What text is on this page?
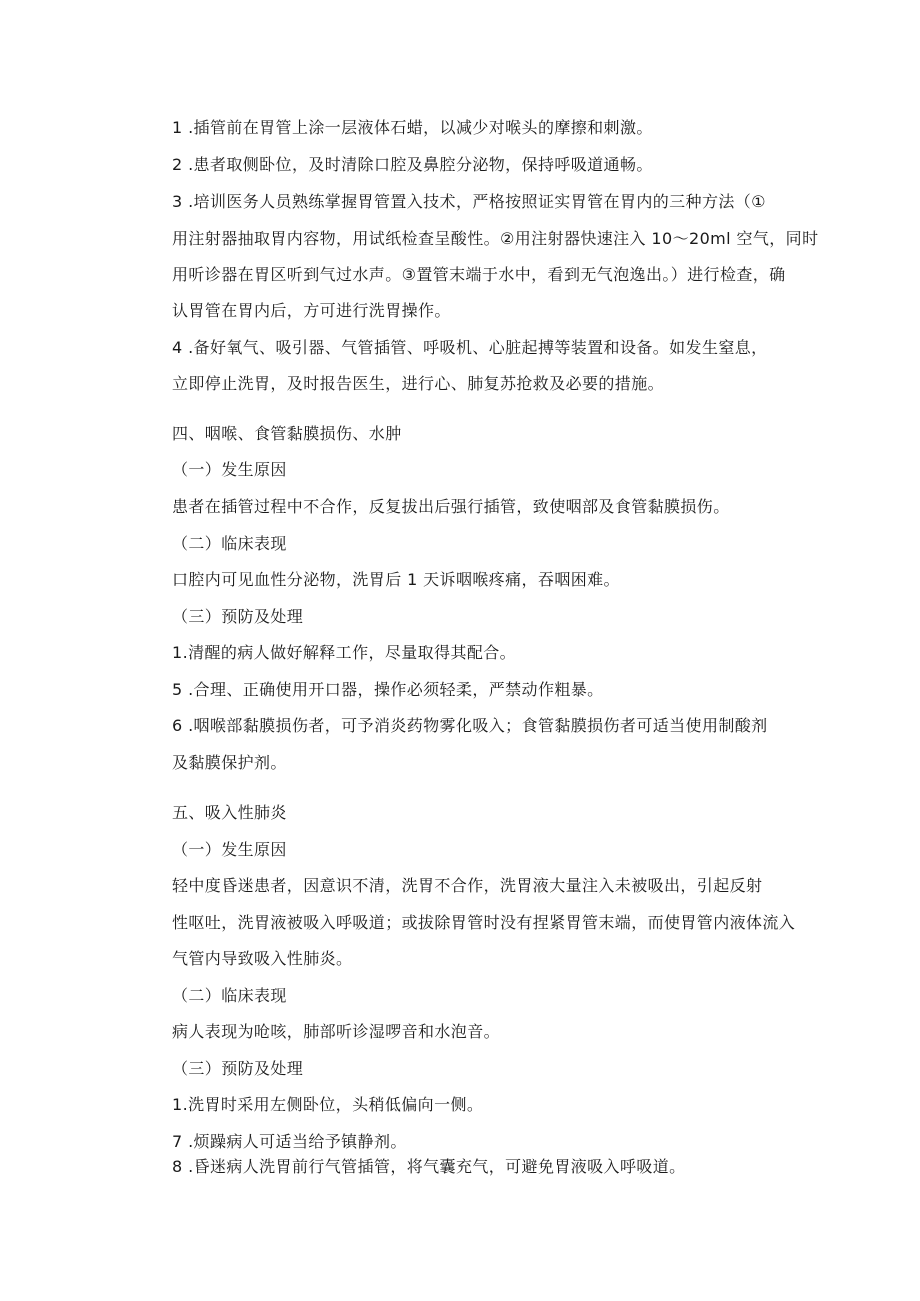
1 .插管前在胃管上涂一层液体石蜡，以减少对喉头的摩擦和刺激。
2 .患者取侧卧位，及时清除口腔及鼻腔分泌物，保持呼吸道通畅。
3 .培训医务人员熟练掌握胃管置入技术，严格按照证实胃管在胃内的三种方法（①
用注射器抽取胃内容物，用试纸检查呈酸性。②用注射器快速注入 10～20ml 空气，同时
用听诊器在胃区听到气过水声。③置管末端于水中，看到无气泡逸出。）进行检查，确
认胃管在胃内后，方可进行洗胃操作。
4 .备好氧气、吸引器、气管插管、呼吸机、心脏起搏等装置和设备。如发生窒息，
立即停止洗胃，及时报告医生，进行心、肺复苏抢救及必要的措施。
四、咽喉、食管黏膜损伤、水肿
（一）发生原因
患者在插管过程中不合作，反复拔出后强行插管，致使咽部及食管黏膜损伤。
（二）临床表现
口腔内可见血性分泌物，洗胃后 1 天诉咽喉疼痛，吞咽困难。
（三）预防及处理
1.清醒的病人做好解释工作，尽量取得其配合。
5 .合理、正确使用开口器，操作必须轻柔，严禁动作粗暴。
6 .咽喉部黏膜损伤者，可予消炎药物雾化吸入；食管黏膜损伤者可适当使用制酸剂
及黏膜保护剂。
五、吸入性肺炎
（一）发生原因
轻中度昏迷患者，因意识不清，洗胃不合作，洗胃液大量注入未被吸出，引起反射
性呕吐，洗胃液被吸入呼吸道；或拔除胃管时没有捏紧胃管末端，而使胃管内液体流入
气管内导致吸入性肺炎。
（二）临床表现
病人表现为呛咳，肺部听诊湿啰音和水泡音。
（三）预防及处理
1.洗胃时采用左侧卧位，头稍低偏向一侧。
7 .烦躁病人可适当给予镇静剂。
8 .昏迷病人洗胃前行气管插管，将气囊充气，可避免胃液吸入呼吸道。
